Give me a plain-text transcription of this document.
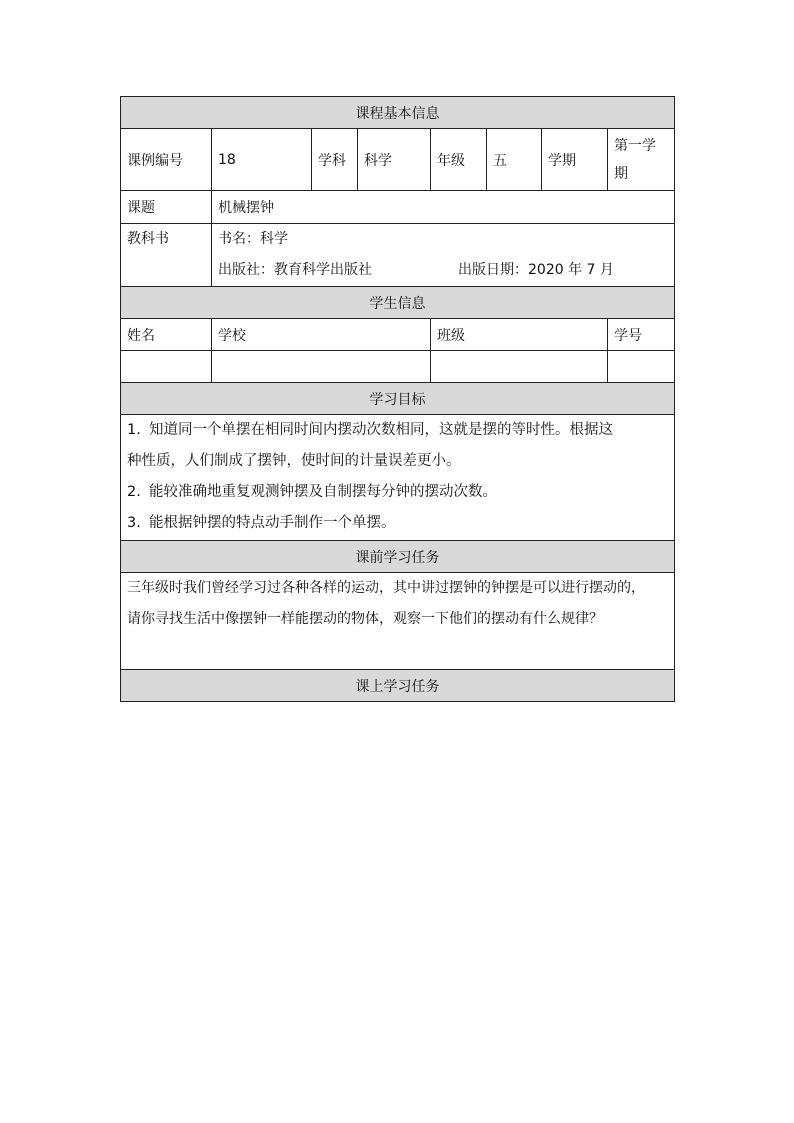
课程基本信息							
课例编号	18	学科	科学	年级	五	学期	第一学期
课题	机械摆钟						

教科书	书名：科学
出版社：教育科学出版社 出版日期：2020 年 7 月						

学生信息							
姓名	学校			班级			学号

学习目标							

1. 知道同一个单摆在相同时间内摆动次数相同，这就是摆的等时性。根据这
种性质，人们制成了摆钟，使时间的计量误差更小。
2. 能较准确地重复观测钟摆及自制摆每分钟的摆动次数。
3. 能根据钟摆的特点动手制作一个单摆。							

课前学习任务							

三年级时我们曾经学习过各种各样的运动，其中讲过摆钟的钟摆是可以进行摆动的，
请你寻找生活中像摆钟一样能摆动的物体，观察一下他们的摆动有什么规律？							

课上学习任务							
